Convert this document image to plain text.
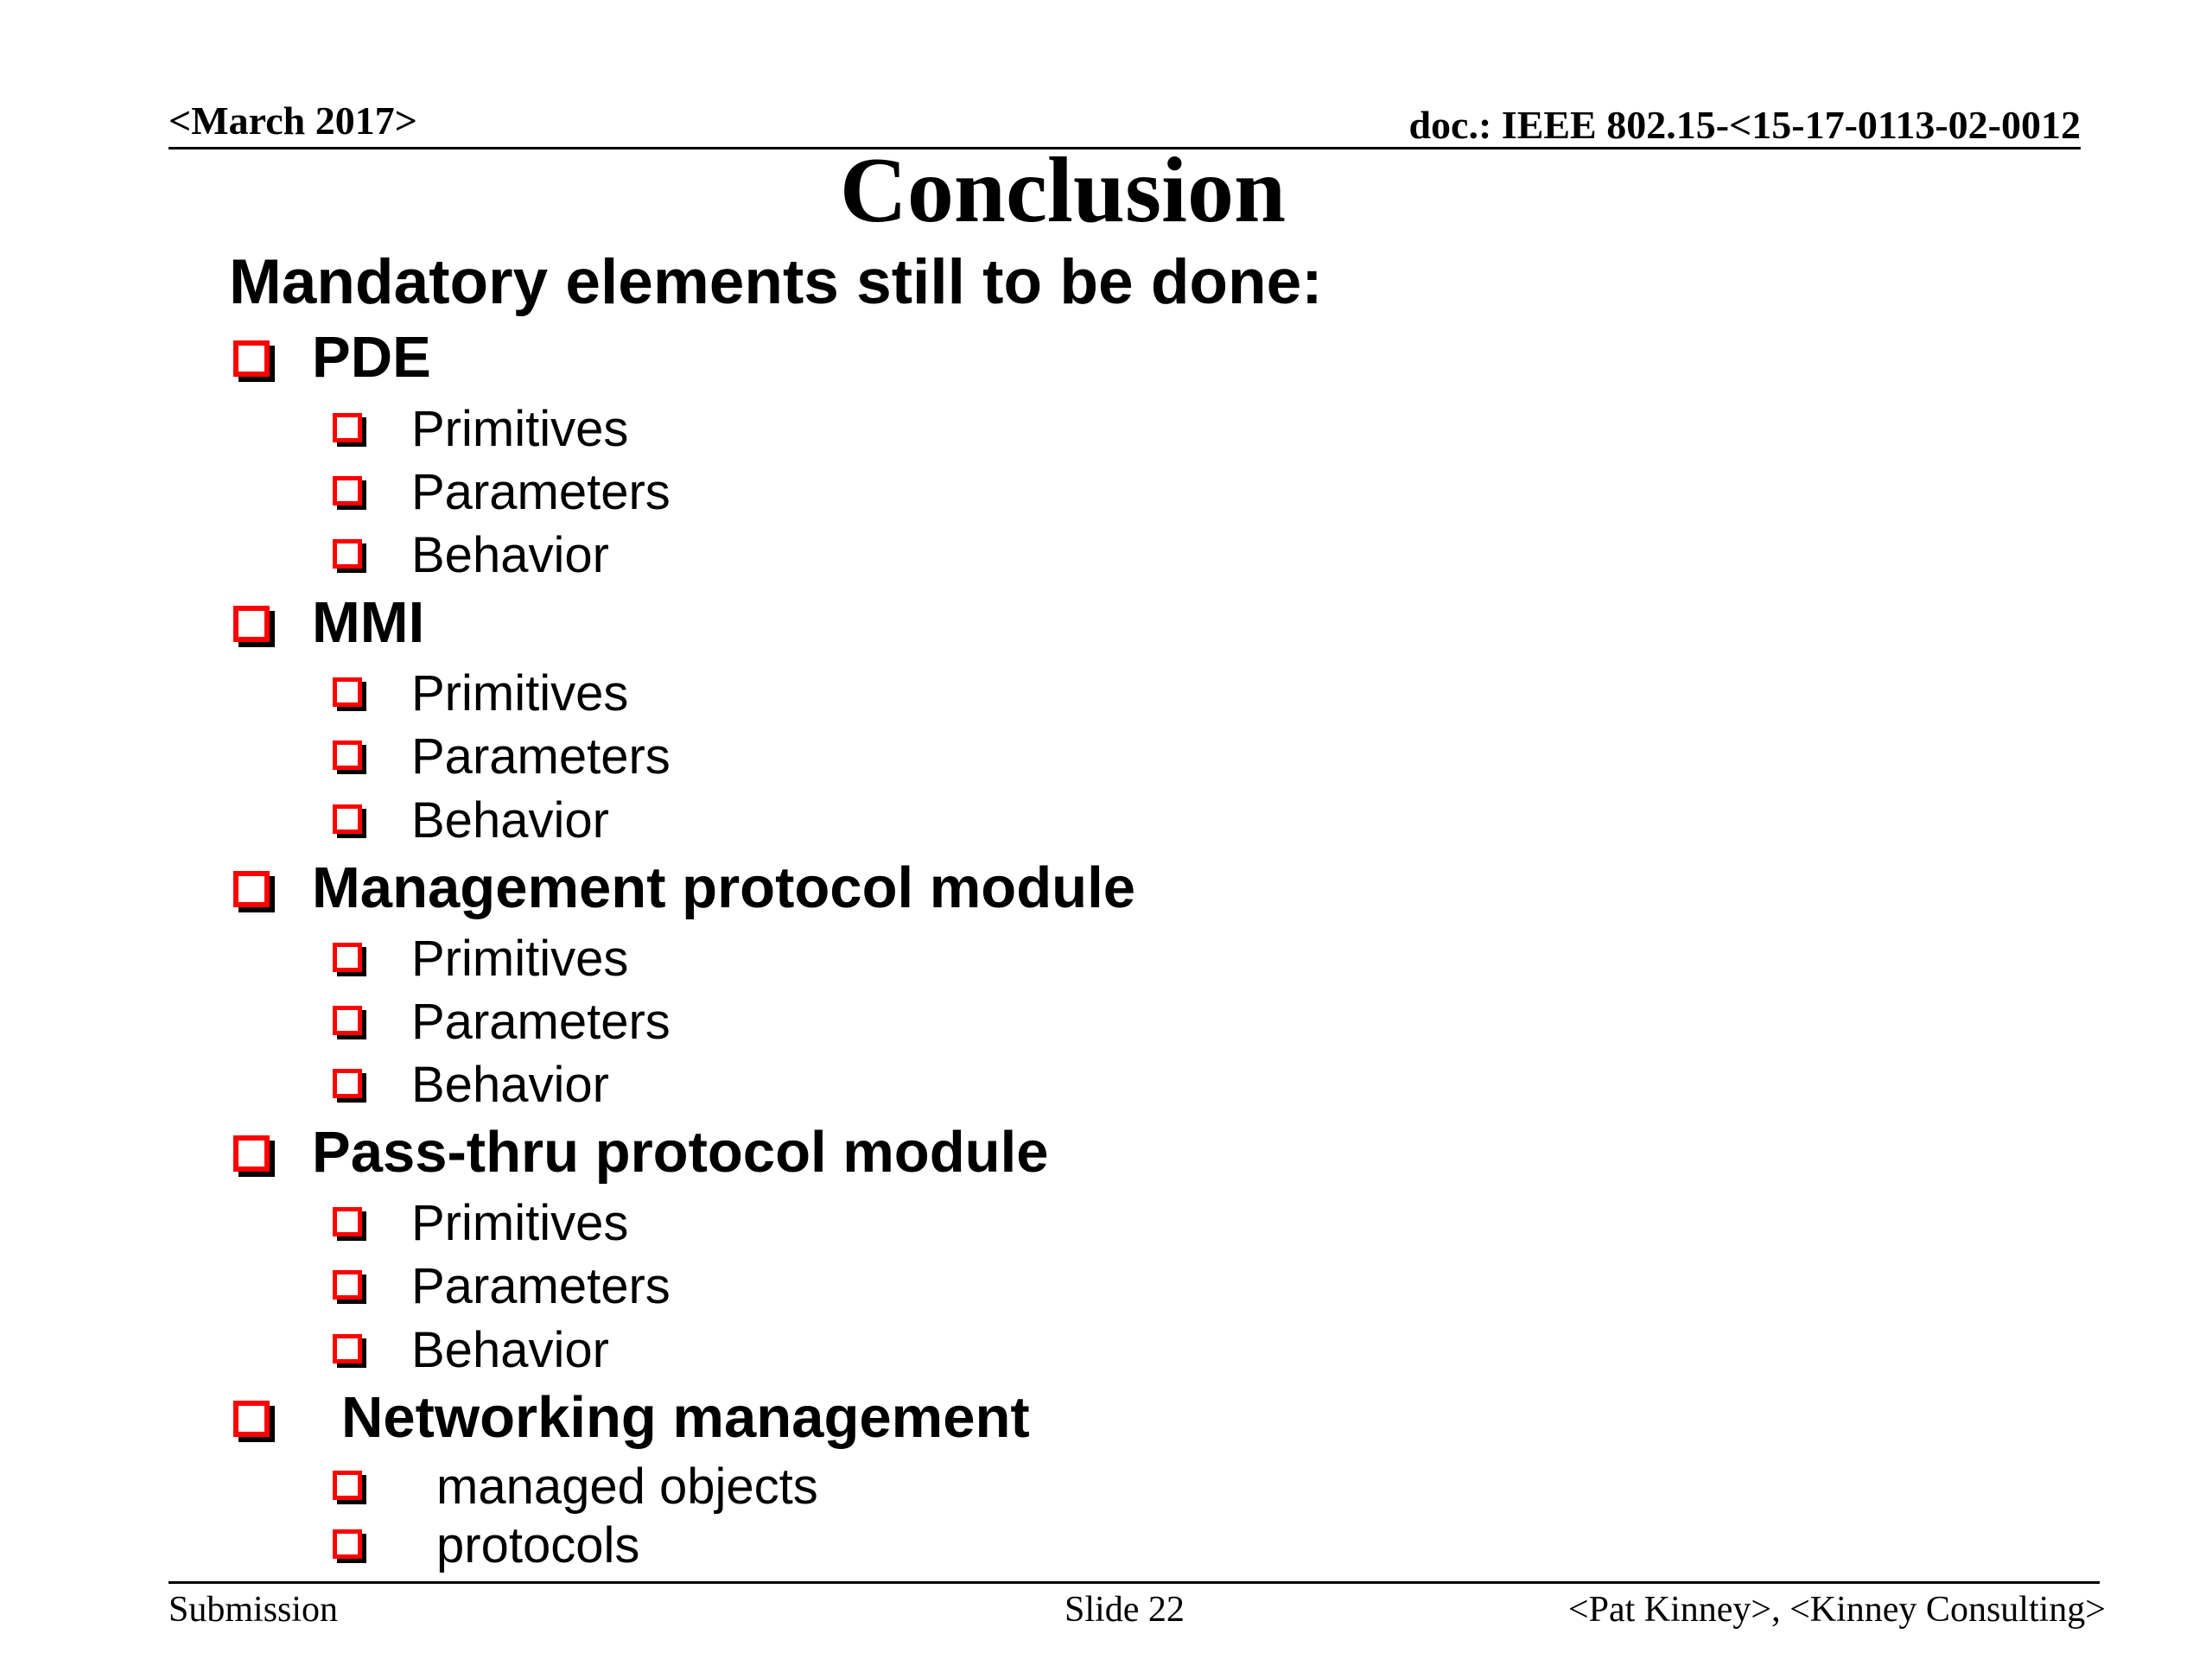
<March 2017>	doc.: IEEE 802.15-<15-17-0113-02-0012
Conclusion
Mandatory elements still to be done:
PDE
Primitives
Parameters
Behavior
MMI
Primitives
Parameters
Behavior
Management protocol module
Primitives
Parameters
Behavior
Pass-thru protocol module
Primitives
Parameters
Behavior
Networking management
managed objects
protocols
Submission	Slide 22	<Pat Kinney>, <Kinney Consulting>
